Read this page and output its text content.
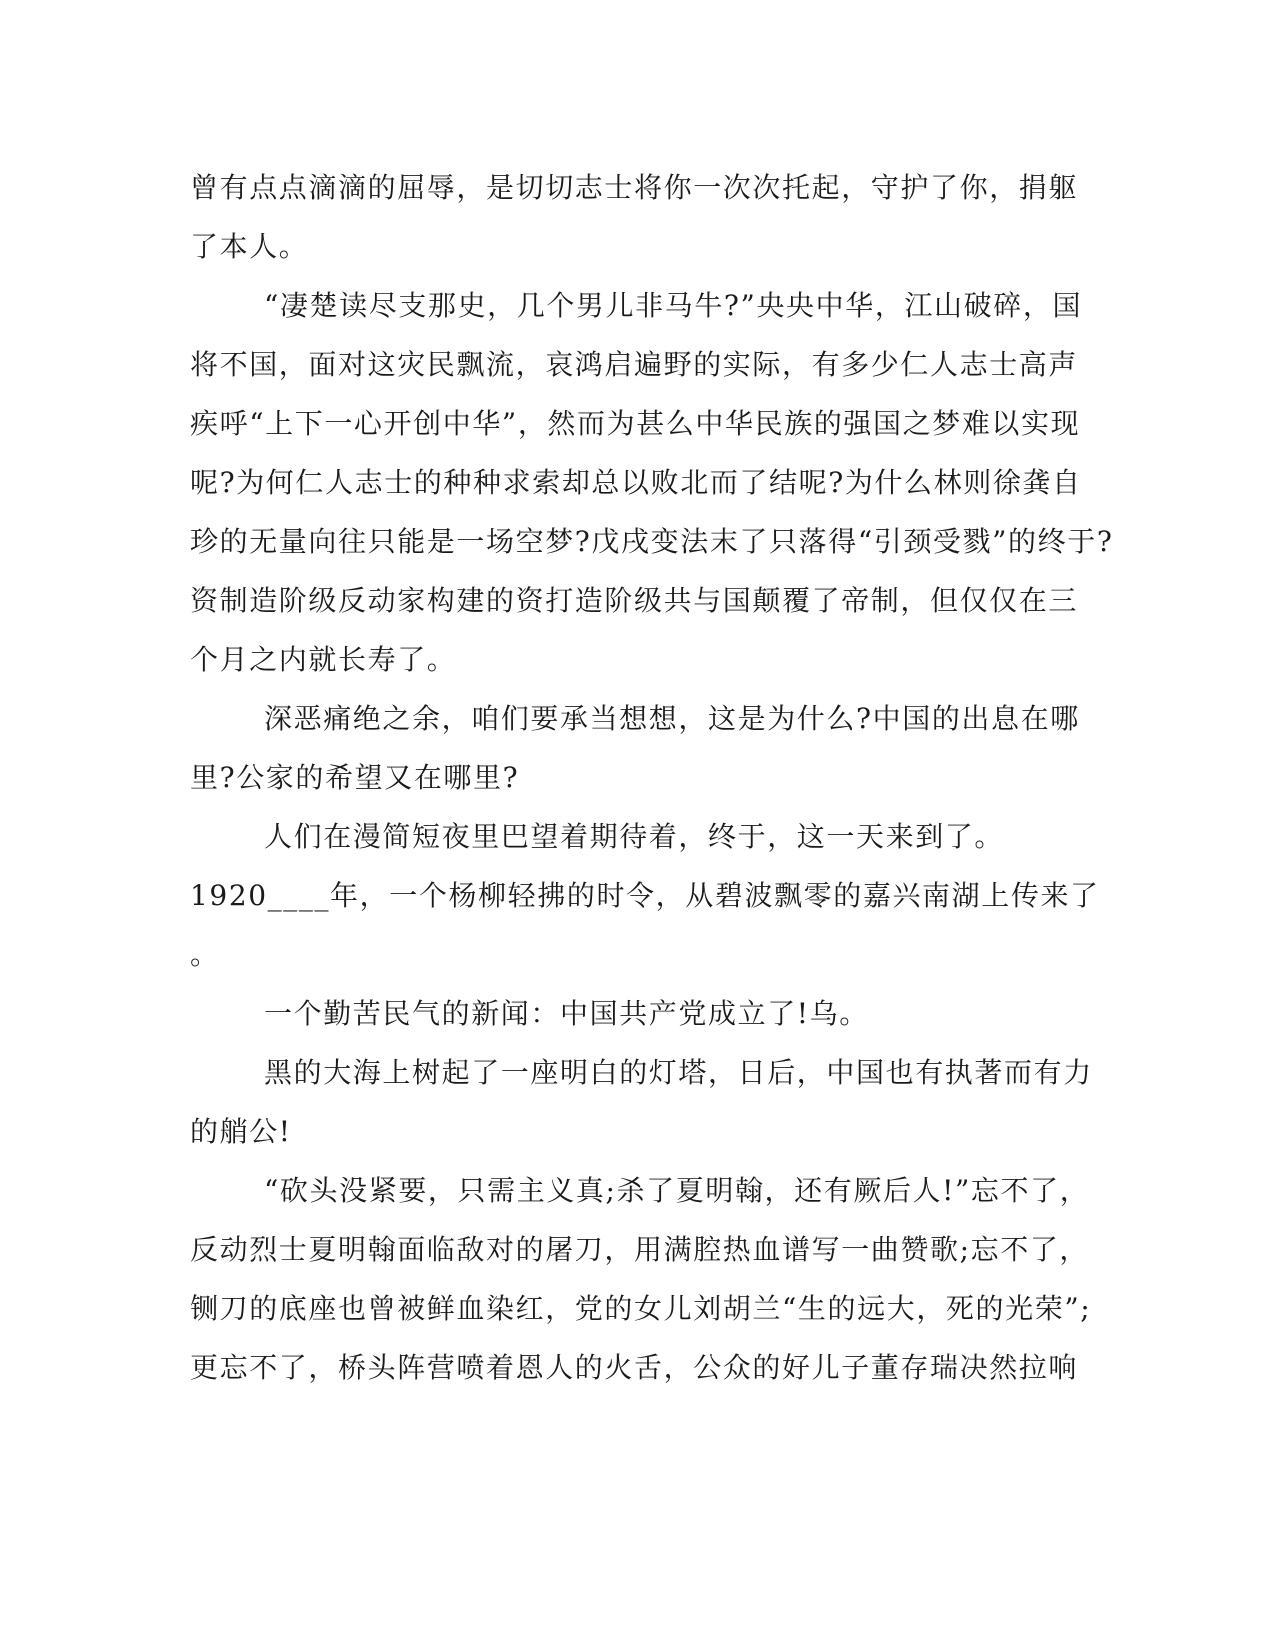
曾有点点滴滴的屈辱，是切切志士将你一次次托起，守护了你，捐躯
了本人。
“凄楚读尽支那史，几个男儿非马牛?”央央中华，江山破碎，国
将不国，面对这灾民飘流，哀鸿启遍野的实际，有多少仁人志士高声
疾呼“上下一心开创中华”，然而为甚么中华民族的强国之梦难以实现
呢?为何仁人志士的种种求索却总以败北而了结呢?为什么林则徐龚自
珍的无量向往只能是一场空梦?戊戌变法末了只落得“引颈受戮”的终于?
资制造阶级反动家构建的资打造阶级共与国颠覆了帝制，但仅仅在三
个月之内就长寿了。
深恶痛绝之余，咱们要承当想想，这是为什么?中国的出息在哪
里?公家的希望又在哪里?
人们在漫简短夜里巴望着期待着，终于，这一天来到了。
1920____年，一个杨柳轻拂的时令，从碧波飘零的嘉兴南湖上传来了
。
一个勤苦民气的新闻：中国共产党成立了!乌。
黑的大海上树起了一座明白的灯塔，日后，中国也有执著而有力
的艄公!
“砍头没紧要，只需主义真;杀了夏明翰，还有厥后人!”忘不了，
反动烈士夏明翰面临敌对的屠刀，用满腔热血谱写一曲赞歌;忘不了，
铡刀的底座也曾被鲜血染红，党的女儿刘胡兰“生的远大，死的光荣”;
更忘不了，桥头阵营喷着恩人的火舌，公众的好儿子董存瑞决然拉响
